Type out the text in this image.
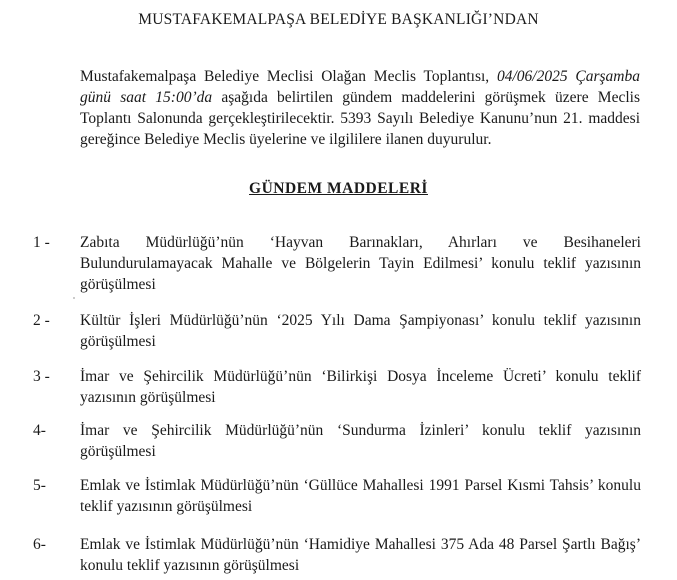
MUSTAFAKEMALPAŞA BELEDİYE BAŞKANLIĞI’NDAN

Mustafakemalpaşa Belediye Meclisi Olağan Meclis Toplantısı, 04/06/2025 Çarşamba günü saat 15:00’da aşağıda belirtilen gündem maddelerini görüşmek üzere Meclis Toplantı Salonunda gerçekleştirilecektir. 5393 Sayılı Belediye Kanunu’nun 21. maddesi gereğince Belediye Meclis üyelerine ve ilgililere ilanen duyurulur.

GÜNDEM MADDELERİ
1 -	Zabıta Müdürlüğü’nün ‘Hayvan Barınakları, Ahırları ve Besihaneleri Bulundurulamayacak Mahalle ve Bölgelerin Tayin Edilmesi’ konulu teklif yazısının görüşülmesi
2 -	Kültür İşleri Müdürlüğü’nün ‘2025 Yılı Dama Şampiyonası’ konulu teklif yazısının görüşülmesi
3 -	İmar ve Şehircilik Müdürlüğü’nün ‘Bilirkişi Dosya İnceleme Ücreti’ konulu teklif yazısının görüşülmesi
4-	İmar ve Şehircilik Müdürlüğü’nün ‘Sundurma İzinleri’ konulu teklif yazısının görüşülmesi
5-	Emlak ve İstimlak Müdürlüğü’nün ‘Güllüce Mahallesi 1991 Parsel Kısmi Tahsis’ konulu teklif yazısının görüşülmesi
6-	Emlak ve İstimlak Müdürlüğü’nün ‘Hamidiye Mahallesi 375 Ada 48 Parsel Şartlı Bağış’ konulu teklif yazısının görüşülmesi
